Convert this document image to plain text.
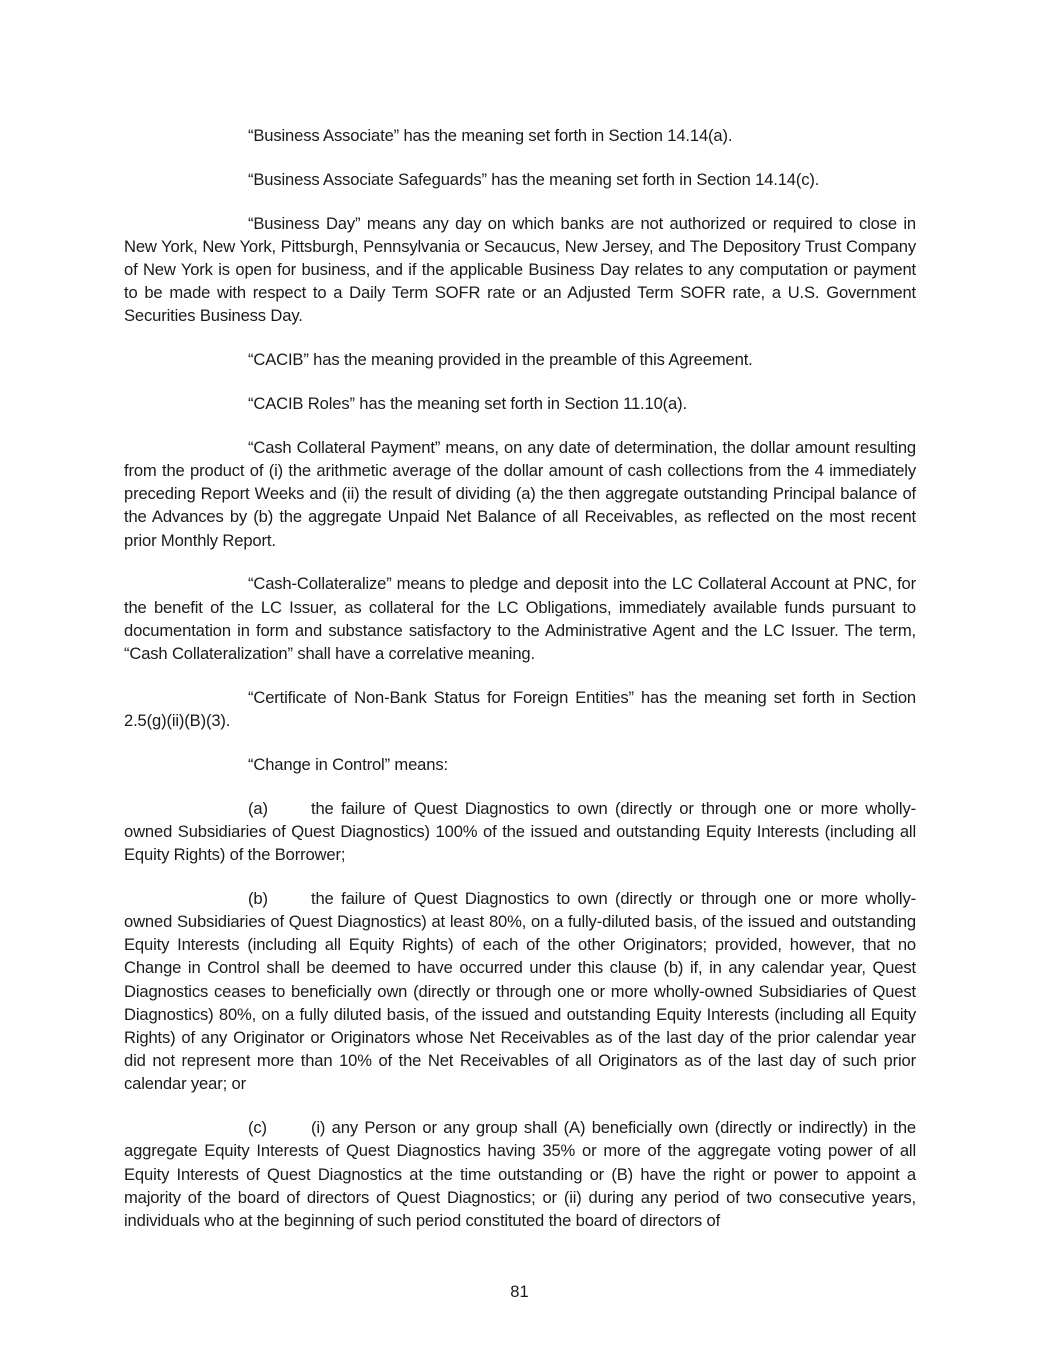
“Business Associate” has the meaning set forth in Section 14.14(a).

“Business Associate Safeguards” has the meaning set forth in Section 14.14(c).

“Business Day” means any day on which banks are not authorized or required to close in New York, New York, Pittsburgh, Pennsylvania or Secaucus, New Jersey, and The Depository Trust Company of New York is open for business, and if the applicable Business Day relates to any computation or payment to be made with respect to a Daily Term SOFR rate or an Adjusted Term SOFR rate, a U.S. Government Securities Business Day.

“CACIB” has the meaning provided in the preamble of this Agreement.

“CACIB Roles” has the meaning set forth in Section 11.10(a).

“Cash Collateral Payment” means, on any date of determination, the dollar amount resulting from the product of (i) the arithmetic average of the dollar amount of cash collections from the 4 immediately preceding Report Weeks and (ii) the result of dividing (a) the then aggregate outstanding Principal balance of the Advances by (b) the aggregate Unpaid Net Balance of all Receivables, as reflected on the most recent prior Monthly Report.

“Cash-Collateralize” means to pledge and deposit into the LC Collateral Account at PNC, for the benefit of the LC Issuer, as collateral for the LC Obligations, immediately available funds pursuant to documentation in form and substance satisfactory to the Administrative Agent and the LC Issuer. The term, “Cash Collateralization” shall have a correlative meaning.

“Certificate of Non-Bank Status for Foreign Entities” has the meaning set forth in Section 2.5(g)(ii)(B)(3).

“Change in Control” means:

(a)	the failure of Quest Diagnostics to own (directly or through one or more wholly-owned Subsidiaries of Quest Diagnostics) 100% of the issued and outstanding Equity Interests (including all Equity Rights) of the Borrower;

(b)	the failure of Quest Diagnostics to own (directly or through one or more wholly-owned Subsidiaries of Quest Diagnostics) at least 80%, on a fully-diluted basis, of the issued and outstanding Equity Interests (including all Equity Rights) of each of the other Originators; provided, however, that no Change in Control shall be deemed to have occurred under this clause (b) if, in any calendar year, Quest Diagnostics ceases to beneficially own (directly or through one or more wholly-owned Subsidiaries of Quest Diagnostics) 80%, on a fully diluted basis, of the issued and outstanding Equity Interests (including all Equity Rights) of any Originator or Originators whose Net Receivables as of the last day of the prior calendar year did not represent more than 10% of the Net Receivables of all Originators as of the last day of such prior calendar year; or

(c)	(i) any Person or any group shall (A) beneficially own (directly or indirectly) in the aggregate Equity Interests of Quest Diagnostics having 35% or more of the aggregate voting power of all Equity Interests of Quest Diagnostics at the time outstanding or (B) have the right or power to appoint a majority of the board of directors of Quest Diagnostics; or (ii) during any period of two consecutive years, individuals who at the beginning of such period constituted the board of directors of

81
